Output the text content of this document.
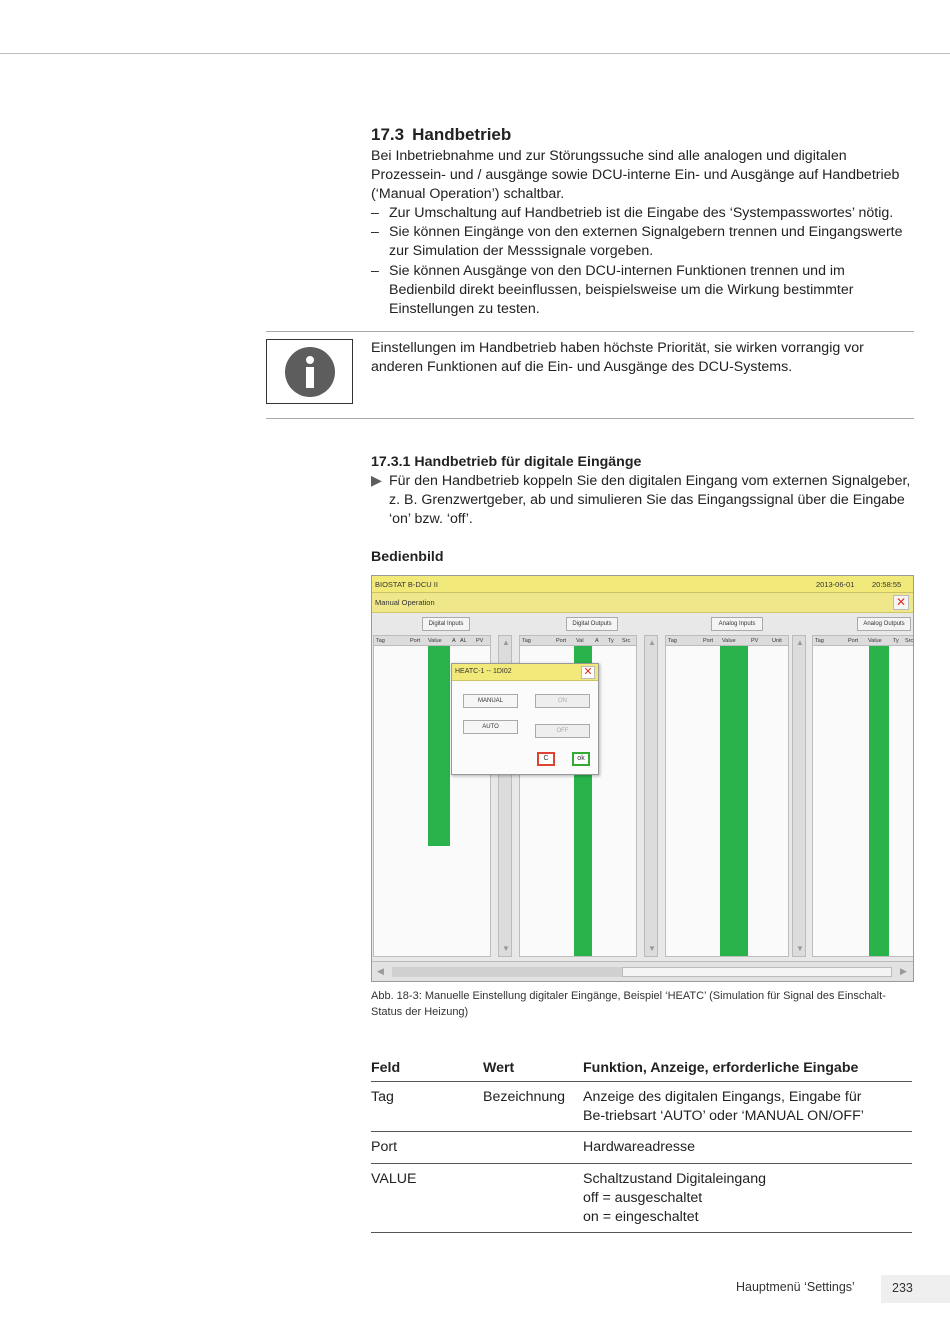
17.3 Handbetrieb

Bei Inbetriebnahme und zur Störungssuche sind alle analogen und digitalen Prozessein- und / ausgänge sowie DCU-interne Ein- und Ausgänge auf Handbetrieb (‘Manual Operation’) schaltbar.

– Zur Umschaltung auf Handbetrieb ist die Eingabe des ‘Systempasswortes’ nötig.
– Sie können Eingänge von den externen Signalgebern trennen und Eingangswerte zur Simulation der Messsignale vorgeben.
– Sie können Ausgänge von den DCU-internen Funktionen trennen und im Bedienbild direkt beeinflussen, beispielsweise um die Wirkung bestimmter Einstellungen zu testen.

Einstellungen im Handbetrieb haben höchste Priorität, sie wirken vorrangig vor anderen Funktionen auf die Ein- und Ausgänge des DCU-Systems.

17.3.1 Handbetrieb für digitale Eingänge
▶ Für den Handbetrieb koppeln Sie den digitalen Eingang vom externen Signalgeber, z. B. Grenzwertgeber, ab und simulieren Sie das Eingangssignal über die Eingabe ‘on’ bzw. ‘off’.
Bedienbild
BIOSTAT B-DCU II	2013-06-01 20:58:55
Manual Operation	✕
Digital Inputs	Digital Outputs	Analog Inputs	Analog Outputs
Tag	Port Value A AL PV ▲
▼
Tag	Port Val A Ty Src ▲
▼
Tag	Port Value	PV Unit ▲
▼
Tag	Port Value Ty Src
◀	▶
HEATC-1 -- 1DI02	✕
MANUAL	ON
AUTO
OFF
C	ok

Abb. 18-3: Manuelle Einstellung digitaler Eingänge, Beispiel ‘HEATC’ (Simulation für Signal des Einschalt-Status der Heizung)

Feld	Wert	Funktion, Anzeige, erforderliche Eingabe
Tag	Bezeichnung	Anzeige des digitalen Eingangs, Eingabe für
Be-triebsart ‘AUTO’ oder ‘MANUAL ON/OFF’

Port		Hardwareadresse

VALUE		Schaltzustand Digitaleingang
off = ausgeschaltet
on = eingeschaltet
Hauptmenü ‘Settings’	233
